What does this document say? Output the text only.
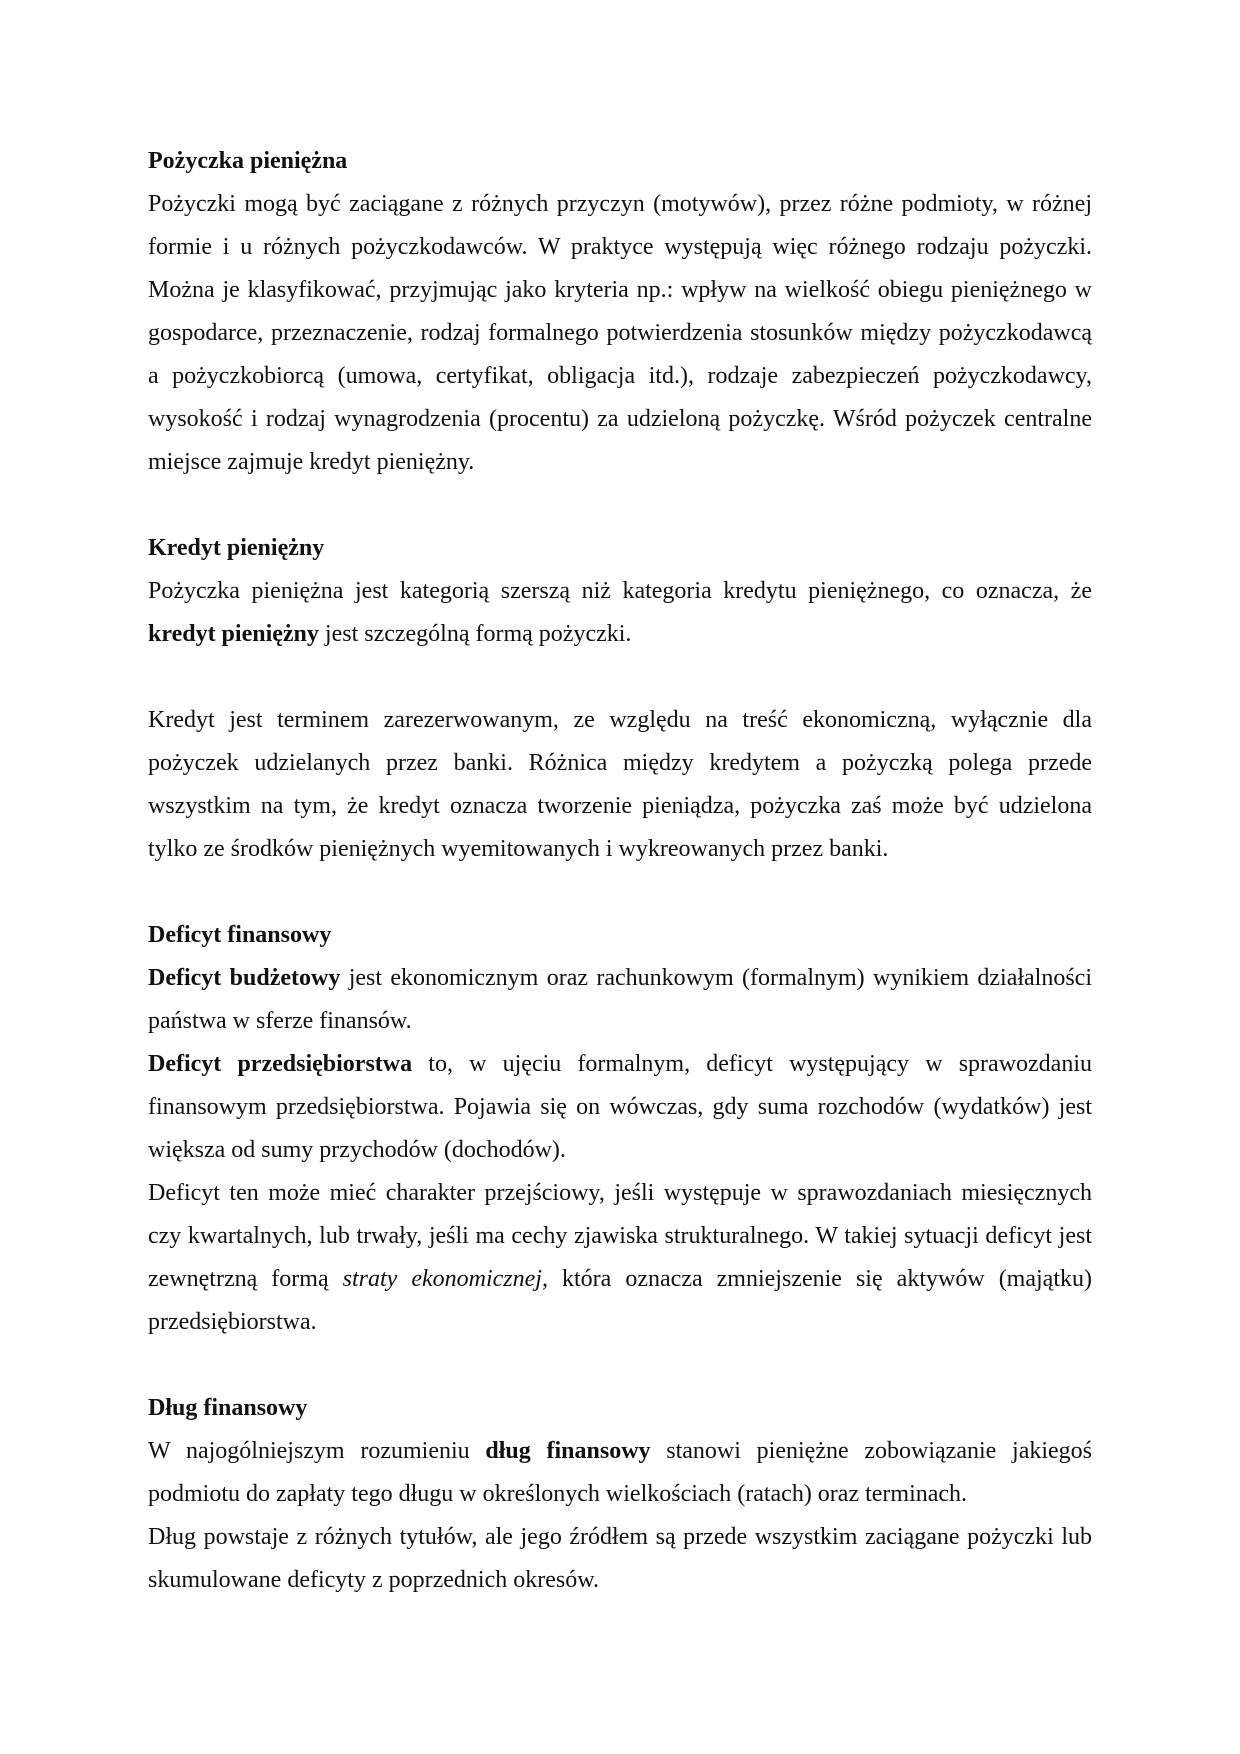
Pożyczka pieniężna

Pożyczki mogą być zaciągane z różnych przyczyn (motywów), przez różne podmioty, w różnej formie i u różnych pożyczkodawców. W praktyce występują więc różnego rodzaju pożyczki. Można je klasyfikować, przyjmując jako kryteria np.: wpływ na wielkość obiegu pieniężnego w gospodarce, przeznaczenie, rodzaj formalnego potwierdzenia stosunków między pożyczkodawcą a pożyczkobiorcą (umowa, certyfikat, obligacja itd.), rodzaje zabezpieczeń pożyczkodawcy, wysokość i rodzaj wynagrodzenia (procentu) za udzieloną pożyczkę. Wśród pożyczek centralne miejsce zajmuje kredyt pieniężny.

Kredyt pieniężny

Pożyczka pieniężna jest kategorią szerszą niż kategoria kredytu pieniężnego, co oznacza, że kredyt pieniężny jest szczególną formą pożyczki.

Kredyt jest terminem zarezerwowanym, ze względu na treść ekonomiczną, wyłącznie dla pożyczek udzielanych przez banki. Różnica między kredytem a pożyczką polega przede wszystkim na tym, że kredyt oznacza tworzenie pieniądza, pożyczka zaś może być udzielona tylko ze środków pieniężnych wyemitowanych i wykreowanych przez banki.

Deficyt finansowy

Deficyt budżetowy jest ekonomicznym oraz rachunkowym (formalnym) wynikiem działalności państwa w sferze finansów.

Deficyt przedsiębiorstwa to, w ujęciu formalnym, deficyt występujący w sprawozdaniu finansowym przedsiębiorstwa. Pojawia się on wówczas, gdy suma rozchodów (wydatków) jest większa od sumy przychodów (dochodów).

Deficyt ten może mieć charakter przejściowy, jeśli występuje w sprawozdaniach miesięcznych czy kwartalnych, lub trwały, jeśli ma cechy zjawiska strukturalnego. W takiej sytuacji deficyt jest zewnętrzną formą straty ekonomicznej, która oznacza zmniejszenie się aktywów (majątku) przedsiębiorstwa.

Dług finansowy

W najogólniejszym rozumieniu dług finansowy stanowi pieniężne zobowiązanie jakiegoś podmiotu do zapłaty tego długu w określonych wielkościach (ratach) oraz terminach.

Dług powstaje z różnych tytułów, ale jego źródłem są przede wszystkim zaciągane pożyczki lub skumulowane deficyty z poprzednich okresów.
